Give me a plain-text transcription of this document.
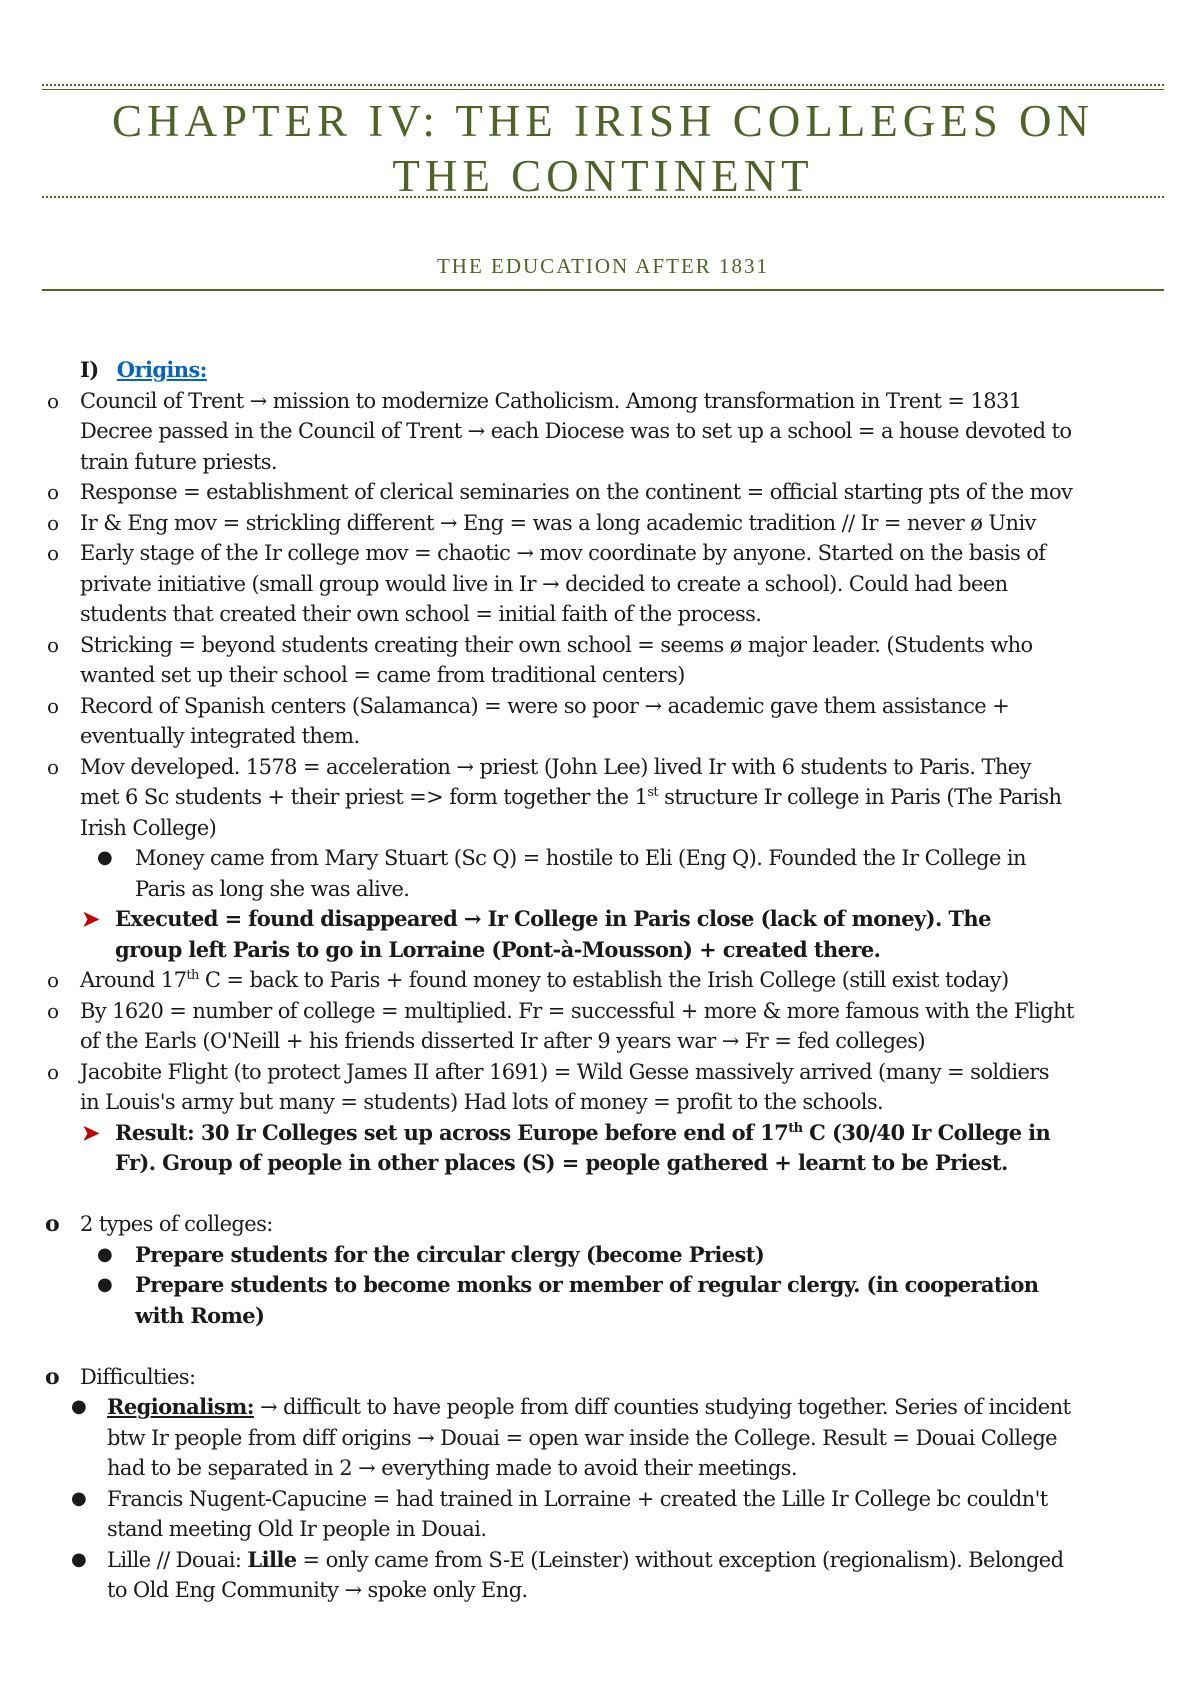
CHAPTER IV: THE IRISH COLLEGES ON
THE CONTINENT
THE EDUCATION AFTER 1831
I) Origins:
o Council of Trent → mission to modernize Catholicism. Among transformation in Trent = 1831
Decree passed in the Council of Trent → each Diocese was to set up a school = a house devoted to
train future priests.
o Response = establishment of clerical seminaries on the continent = official starting pts of the mov
o Ir & Eng mov = strickling different → Eng = was a long academic tradition // Ir = never ø Univ
o Early stage of the Ir college mov = chaotic → mov coordinate by anyone. Started on the basis of
private initiative (small group would live in Ir → decided to create a school). Could had been
students that created their own school = initial faith of the process.
o Stricking = beyond students creating their own school = seems ø major leader. (Students who
wanted set up their school = came from traditional centers)
o Record of Spanish centers (Salamanca) = were so poor → academic gave them assistance +
eventually integrated them.
o Mov developed. 1578 = acceleration → priest (John Lee) lived Ir with 6 students to Paris. They
met 6 Sc students + their priest => form together the 1st structure Ir college in Paris (The Parish
Irish College)
● Money came from Mary Stuart (Sc Q) = hostile to Eli (Eng Q). Founded the Ir College in
Paris as long she was alive.
➤ Executed = found disappeared → Ir College in Paris close (lack of money). The
group left Paris to go in Lorraine (Pont-à-Mousson) + created there.
o Around 17th C = back to Paris + found money to establish the Irish College (still exist today)
o By 1620 = number of college = multiplied. Fr = successful + more & more famous with the Flight
of the Earls (O'Neill + his friends disserted Ir after 9 years war → Fr = fed colleges)
o Jacobite Flight (to protect James II after 1691) = Wild Gesse massively arrived (many = soldiers
in Louis's army but many = students) Had lots of money = profit to the schools.
➤ Result: 30 Ir Colleges set up across Europe before end of 17th C (30/40 Ir College in
Fr). Group of people in other places (S) = people gathered + learnt to be Priest.
o 2 types of colleges:
● Prepare students for the circular clergy (become Priest)
● Prepare students to become monks or member of regular clergy. (in cooperation
with Rome)
o Difficulties:
● Regionalism: → difficult to have people from diff counties studying together. Series of incident
btw Ir people from diff origins → Douai = open war inside the College. Result = Douai College
had to be separated in 2 → everything made to avoid their meetings.
● Francis Nugent-Capucine = had trained in Lorraine + created the Lille Ir College bc couldn't
stand meeting Old Ir people in Douai.
● Lille // Douai: Lille = only came from S-E (Leinster) without exception (regionalism). Belonged
to Old Eng Community → spoke only Eng.
